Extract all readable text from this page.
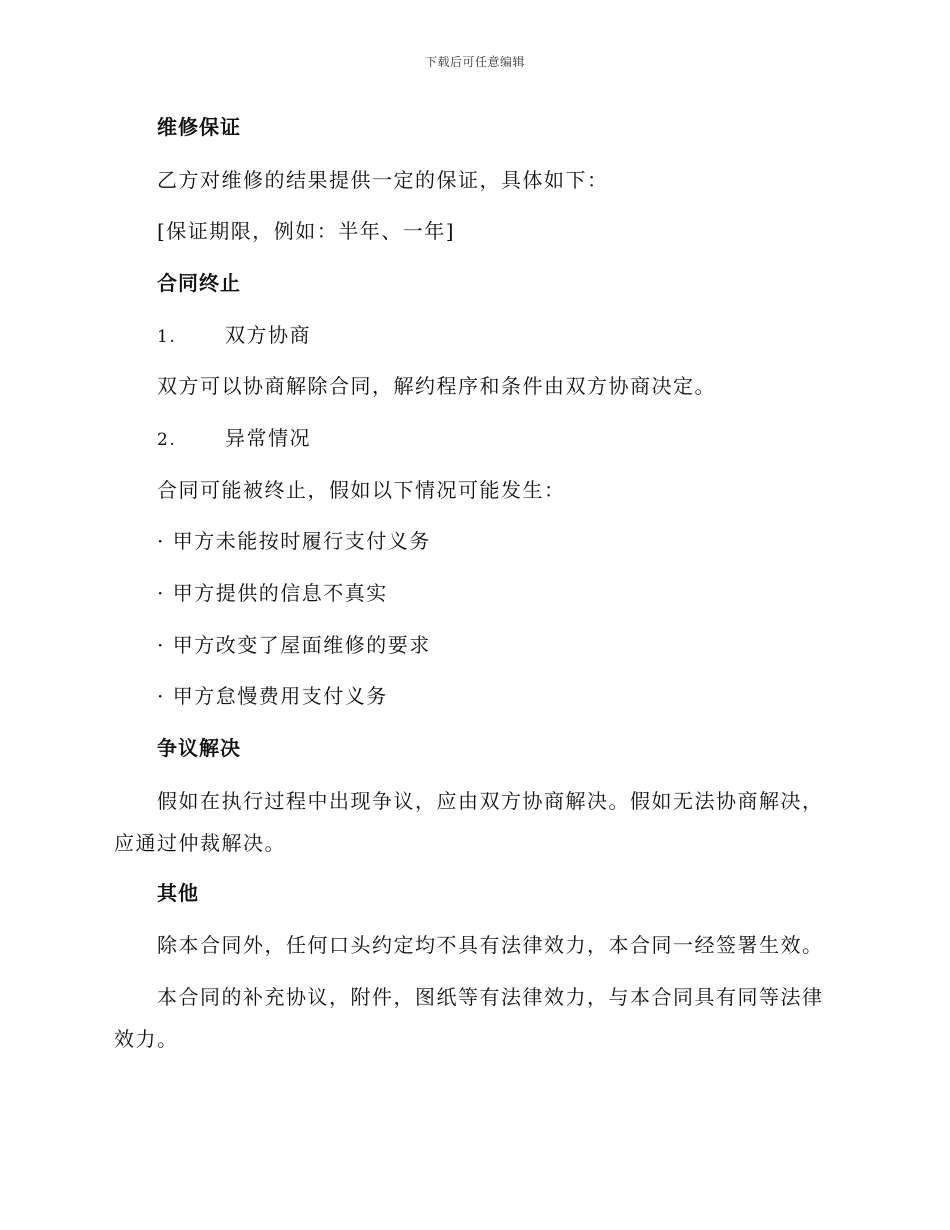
下载后可任意编辑
维修保证
乙方对维修的结果提供一定的保证，具体如下：
[保证期限，例如：半年、一年]
合同终止
1. 双方协商
双方可以协商解除合同，解约程序和条件由双方协商决定。
2. 异常情况
合同可能被终止，假如以下情况可能发生：
· 甲方未能按时履行支付义务
· 甲方提供的信息不真实
· 甲方改变了屋面维修的要求
· 甲方怠慢费用支付义务
争议解决
假如在执行过程中出现争议，应由双方协商解决。假如无法协商解决，应通过仲裁解决。
其他
除本合同外，任何口头约定均不具有法律效力，本合同一经签署生效。
本合同的补充协议，附件，图纸等有法律效力，与本合同具有同等法律效力。
